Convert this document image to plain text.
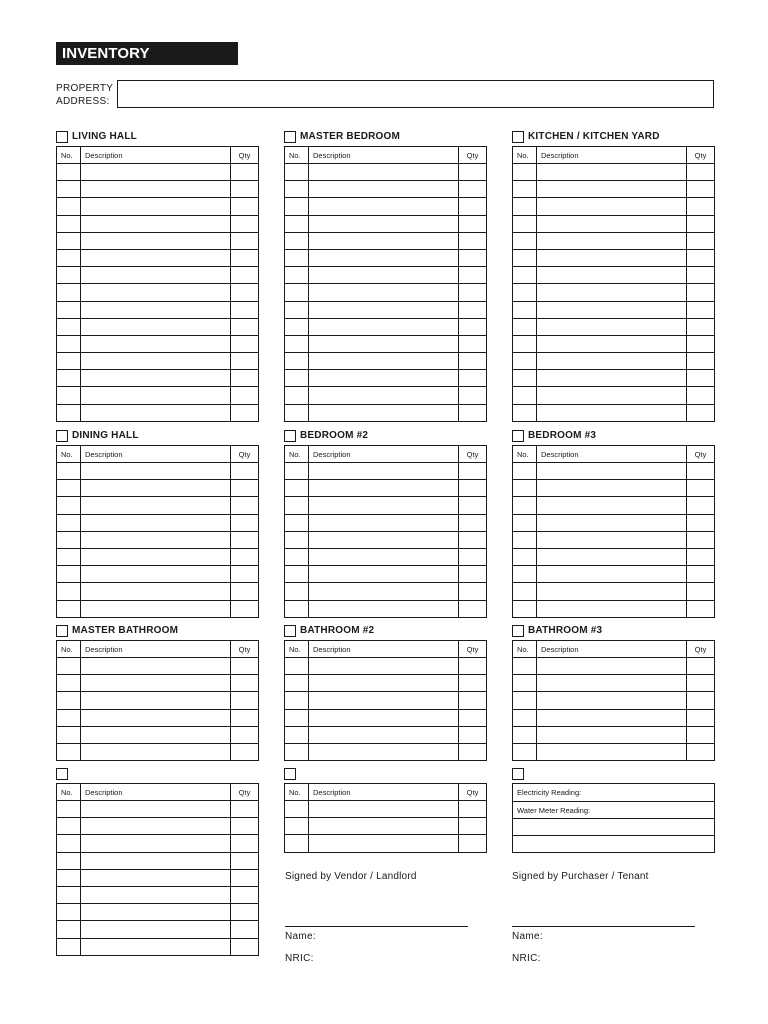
INVENTORY CHECKLIST
PROPERTY
ADDRESS:
LIVING HALL
No.	Description	Qty

MASTER BEDROOM
No.	Description	Qty

KITCHEN / KITCHEN YARD
No.	Description	Qty

DINING HALL
No.	Description	Qty

BEDROOM #2
No.	Description	Qty

BEDROOM #3
No.	Description	Qty

MASTER BATHROOM
No.	Description	Qty

BATHROOM #2
No.	Description	Qty

BATHROOM #3
No.	Description	Qty

No.	Description	Qty

			No.	Description	Qty

			Electricity Reading:
Water Meter Reading:

Signed by Vendor / Landlord
Name:
NRIC:
Signed by Purchaser / Tenant
Name:
NRIC:
